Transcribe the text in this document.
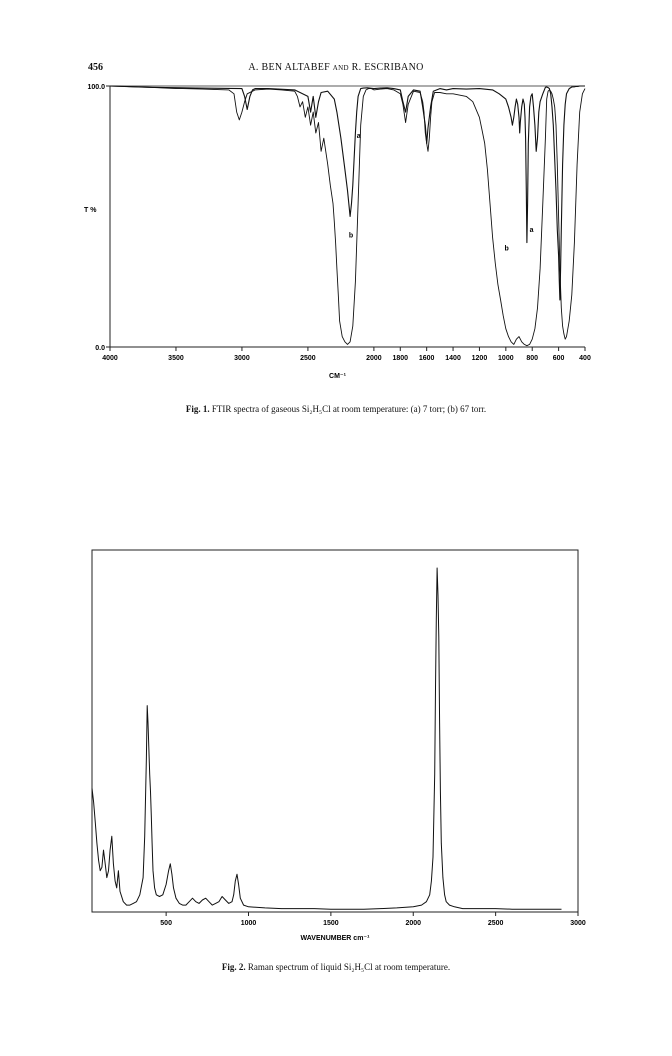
456	A. BEN ALTABEF and R. ESCRIBANO
4000	3500	3000	2500	2000 1800 1600 1400 1200 1000 800 600 400
100.0
0.0
T %
CM⁻¹
a
b
b
a
Fig. 1. FTIR spectra of gaseous Si₂H₅Cl at room temperature: (a) 7 torr; (b) 67 torr.
500	1000	1500	2000	2500	3000
WAVENUMBER cm⁻¹
Fig. 2. Raman spectrum of liquid Si₂H₅Cl at room temperature.
